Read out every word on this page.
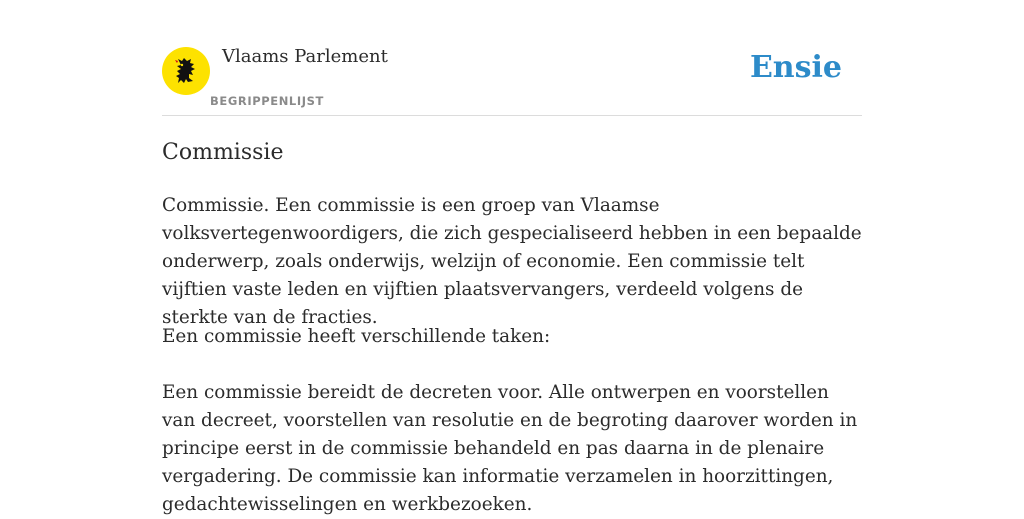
Vlaams Parlement
BEGRIPPENLIJST
Ensie
Commissie

Commissie. Een commissie is een groep van Vlaamse volksvertegenwoordigers, die zich gespecialiseerd hebben in een bepaalde onderwerp, zoals onderwijs, welzijn of economie. Een commissie telt vijftien vaste leden en vijftien plaatsvervangers, verdeeld volgens de sterkte van de fracties.

Een commissie heeft verschillende taken:

Een commissie bereidt de decreten voor. Alle ontwerpen en voorstellen van decreet, voorstellen van resolutie en de begroting daarover worden in principe eerst in de commissie behandeld en pas daarna in de plenaire vergadering. De commissie kan informatie verzamelen in hoorzittingen, gedachtewisselingen en werkbezoeken.
